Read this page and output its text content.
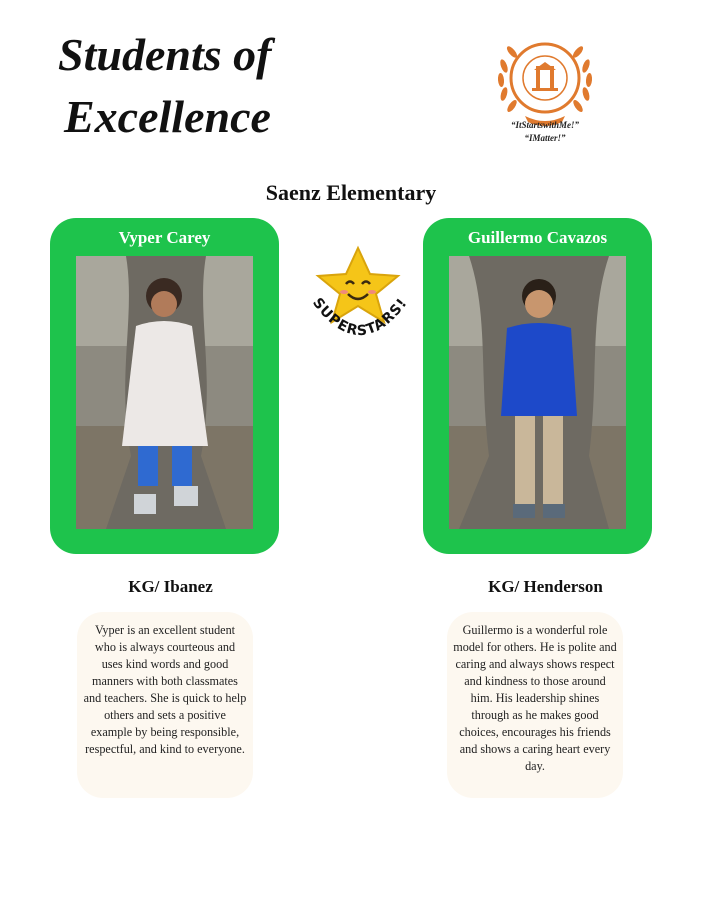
Students of
Excellence	“ItStartswithMe!”
“IMatter!”
Saenz Elementary
Vyper Carey	Guillermo Cavazos
SUPERSTARS!
KG/ Ibanez	KG/ Henderson

Vyper is an excellent student who is always courteous and uses kind words and good manners with both classmates and teachers. She is quick to help others and sets a positive example by being responsible, respectful, and kind to everyone.

Guillermo is a wonderful role model for others. He is polite and caring and always shows respect and kindness to those around him. His leadership shines through as he makes good choices, encourages his friends and shows a caring heart every day.
